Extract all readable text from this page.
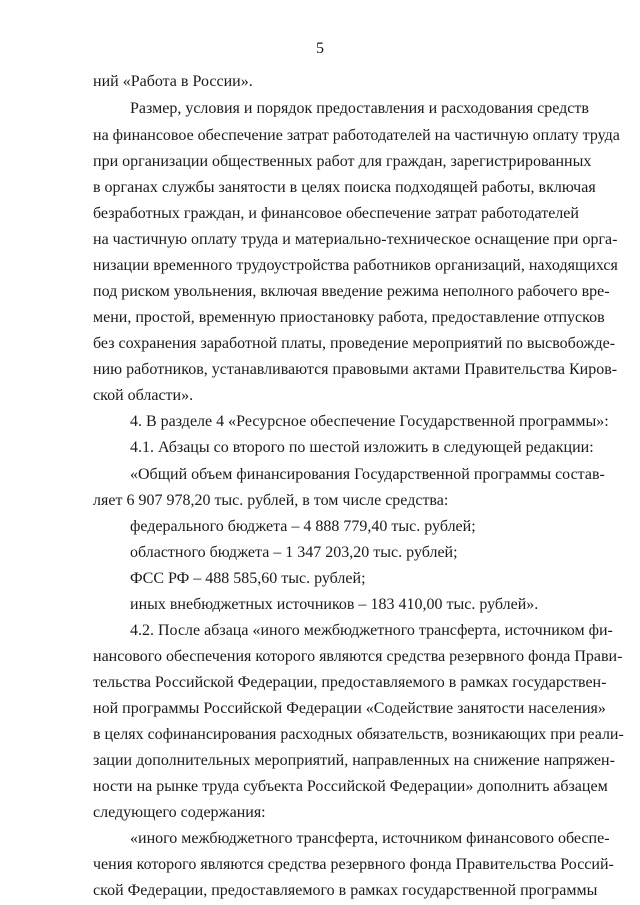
5
ний «Работа в России».
Размер, условия и порядок предоставления и расходования средств
на финансовое обеспечение затрат работодателей на частичную оплату труда
при организации общественных работ для граждан, зарегистрированных
в органах службы занятости в целях поиска подходящей работы, включая
безработных граждан, и финансовое обеспечение затрат работодателей
на частичную оплату труда и материально-техническое оснащение при орга-
низации временного трудоустройства работников организаций, находящихся
под риском увольнения, включая введение режима неполного рабочего вре-
мени, простой, временную приостановку работа, предоставление отпусков
без сохранения заработной платы, проведение мероприятий по высвобожде-
нию работников, устанавливаются правовыми актами Правительства Киров-
ской области».
4. В разделе 4 «Ресурсное обеспечение Государственной программы»:
4.1. Абзацы со второго по шестой изложить в следующей редакции:
«Общий объем финансирования Государственной программы состав-
ляет 6 907 978,20 тыс. рублей, в том числе средства:
федерального бюджета – 4 888 779,40 тыс. рублей;
областного бюджета – 1 347 203,20 тыс. рублей;
ФСС РФ – 488 585,60 тыс. рублей;
иных внебюджетных источников – 183 410,00 тыс. рублей».
4.2. После абзаца «иного межбюджетного трансферта, источником фи-
нансового обеспечения которого являются средства резервного фонда Прави-
тельства Российской Федерации, предоставляемого в рамках государствен-
ной программы Российской Федерации «Содействие занятости населения»
в целях софинансирования расходных обязательств, возникающих при реали-
зации дополнительных мероприятий, направленных на снижение напряжен-
ности на рынке труда субъекта Российской Федерации» дополнить абзацем
следующего содержания:
«иного межбюджетного трансферта, источником финансового обеспе-
чения которого являются средства резервного фонда Правительства Россий-
ской Федерации, предоставляемого в рамках государственной программы
